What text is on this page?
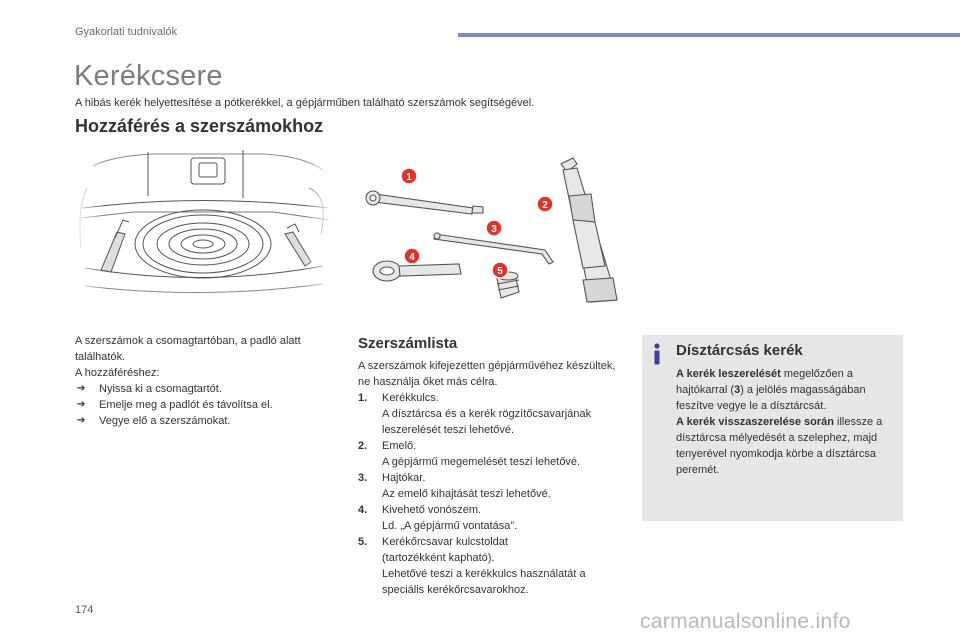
Gyakorlati tudnivalók
Kerékcsere
A hibás kerék helyettesítése a pótkerékkel, a gépjárműben található szerszámok segítségével.
Hozzáférés a szerszámokhoz
1
2
3
4
5
A szerszámok a csomagtartóban, a padló alatt találhatók.
A hozzáféréshez:
➔ Nyissa ki a csomagtartót.
➔ Emelje meg a padlót és távolítsa el.
➔ Vegye elő a szerszámokat.
Szerszámlista

A szerszámok kifejezetten gépjárművéhez készültek, ne használja őket más célra.

1. Kerékkulcs.
A dísztárcsa és a kerék rögzítőcsavarjának leszerelését teszi lehetővé.
2. Emelő.
A gépjármű megemelését teszi lehetővé.
3. Hajtókar.
Az emelő kihajtását teszi lehetővé.
4. Kivehető vonószem.
Ld. „A gépjármű vontatása”.
5. Kerékőrcsavar kulcstoldat
(tartozékként kapható).
Lehetővé teszi a kerékkulcs használatát a speciális kerékőrcsavarokhoz.
Dísztárcsás kerék
A kerék leszerelését megelőzően a hajtókarral (3) a jelölés magasságában feszítve vegye le a dísztárcsát.
A kerék visszaszerelése során illessze a dísztárcsa mélyedését a szelephez, majd tenyerével nyomkodja körbe a dísztárcsa peremét.
174	carmanualsonline.info
